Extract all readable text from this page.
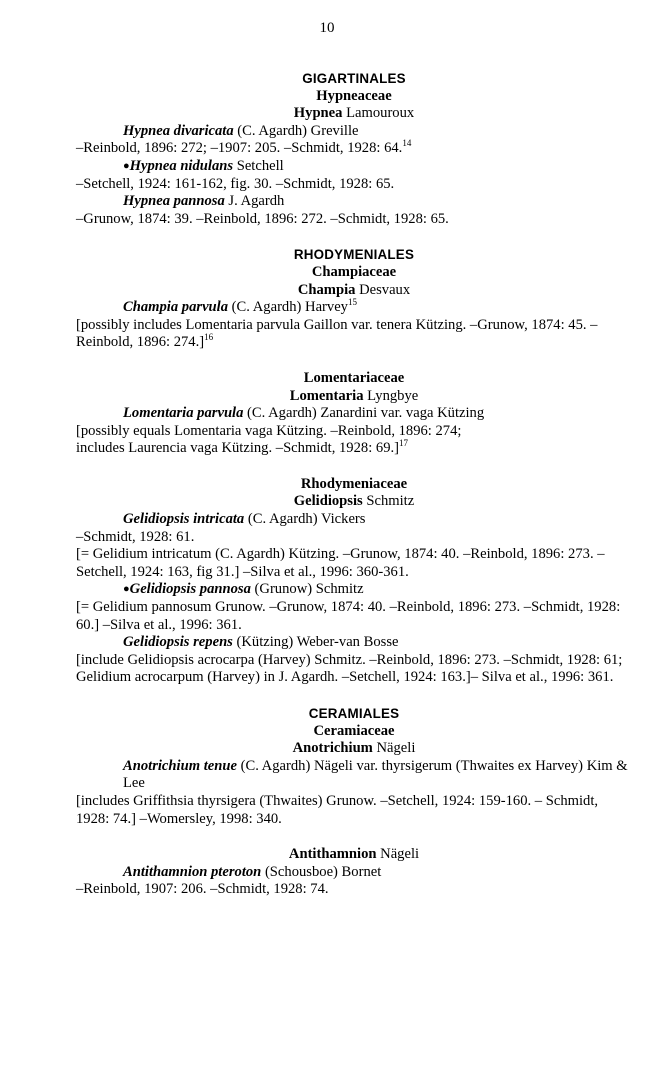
10
GIGARTINALES
Hypneaceae
Hypnea Lamouroux
Hypnea divaricata (C. Agardh) Greville
–Reinbold, 1896: 272; –1907: 205. –Schmidt, 1928: 64.14
●Hypnea nidulans Setchell
–Setchell, 1924: 161-162, fig. 30. –Schmidt, 1928: 65.
Hypnea pannosa J. Agardh
–Grunow, 1874: 39. –Reinbold, 1896: 272. –Schmidt, 1928: 65.
RHODYMENIALES
Champiaceae
Champia Desvaux
Champia parvula (C. Agardh) Harvey$^{15}$
[possibly includes Lomentaria parvula Gaillon var. tenera Kützing. –Grunow, 1874: 45. –Reinbold, 1896: 274.]$^{16}$
Lomentariaceae
Lomentaria Lyngbye
Lomentaria parvula (C. Agardh) Zanardini var. vaga Kützing
[possibly equals Lomentaria vaga Kützing. –Reinbold, 1896: 274;
includes Laurencia vaga Kützing. –Schmidt, 1928: 69.]$^{17}$
Rhodymeniaceae
Gelidiopsis Schmitz
Gelidiopsis intricata (C. Agardh) Vickers
–Schmidt, 1928: 61.
[= Gelidium intricatum (C. Agardh) Kützing. –Grunow, 1874: 40. –Reinbold, 1896: 273. –Setchell, 1924: 163, fig 31.] –Silva et al., 1996: 360-361.
●Gelidiopsis pannosa (Grunow) Schmitz
[= Gelidium pannosum Grunow. –Grunow, 1874: 40. –Reinbold, 1896: 273. –Schmidt, 1928: 60.] –Silva et al., 1996: 361.
Gelidiopsis repens (Kützing) Weber-van Bosse
[include Gelidiopsis acrocarpa (Harvey) Schmitz. –Reinbold, 1896: 273. –Schmidt, 1928: 61; Gelidium acrocarpum (Harvey) in J. Agardh. –Setchell, 1924: 163.]– Silva et al., 1996: 361.
CERAMIALES
Ceramiaceae
Anotrichium Nägeli
Anotrichium tenue (C. Agardh) Nägeli var. thyrsigerum (Thwaites ex Harvey) Kim & Lee
[includes Griffithsia thyrsigera (Thwaites) Grunow. –Setchell, 1924: 159-160. – Schmidt, 1928: 74.] –Womersley, 1998: 340.
Antithamnion Nägeli
Antithamnion pteroton (Schousboe) Bornet
–Reinbold, 1907: 206. –Schmidt, 1928: 74.
